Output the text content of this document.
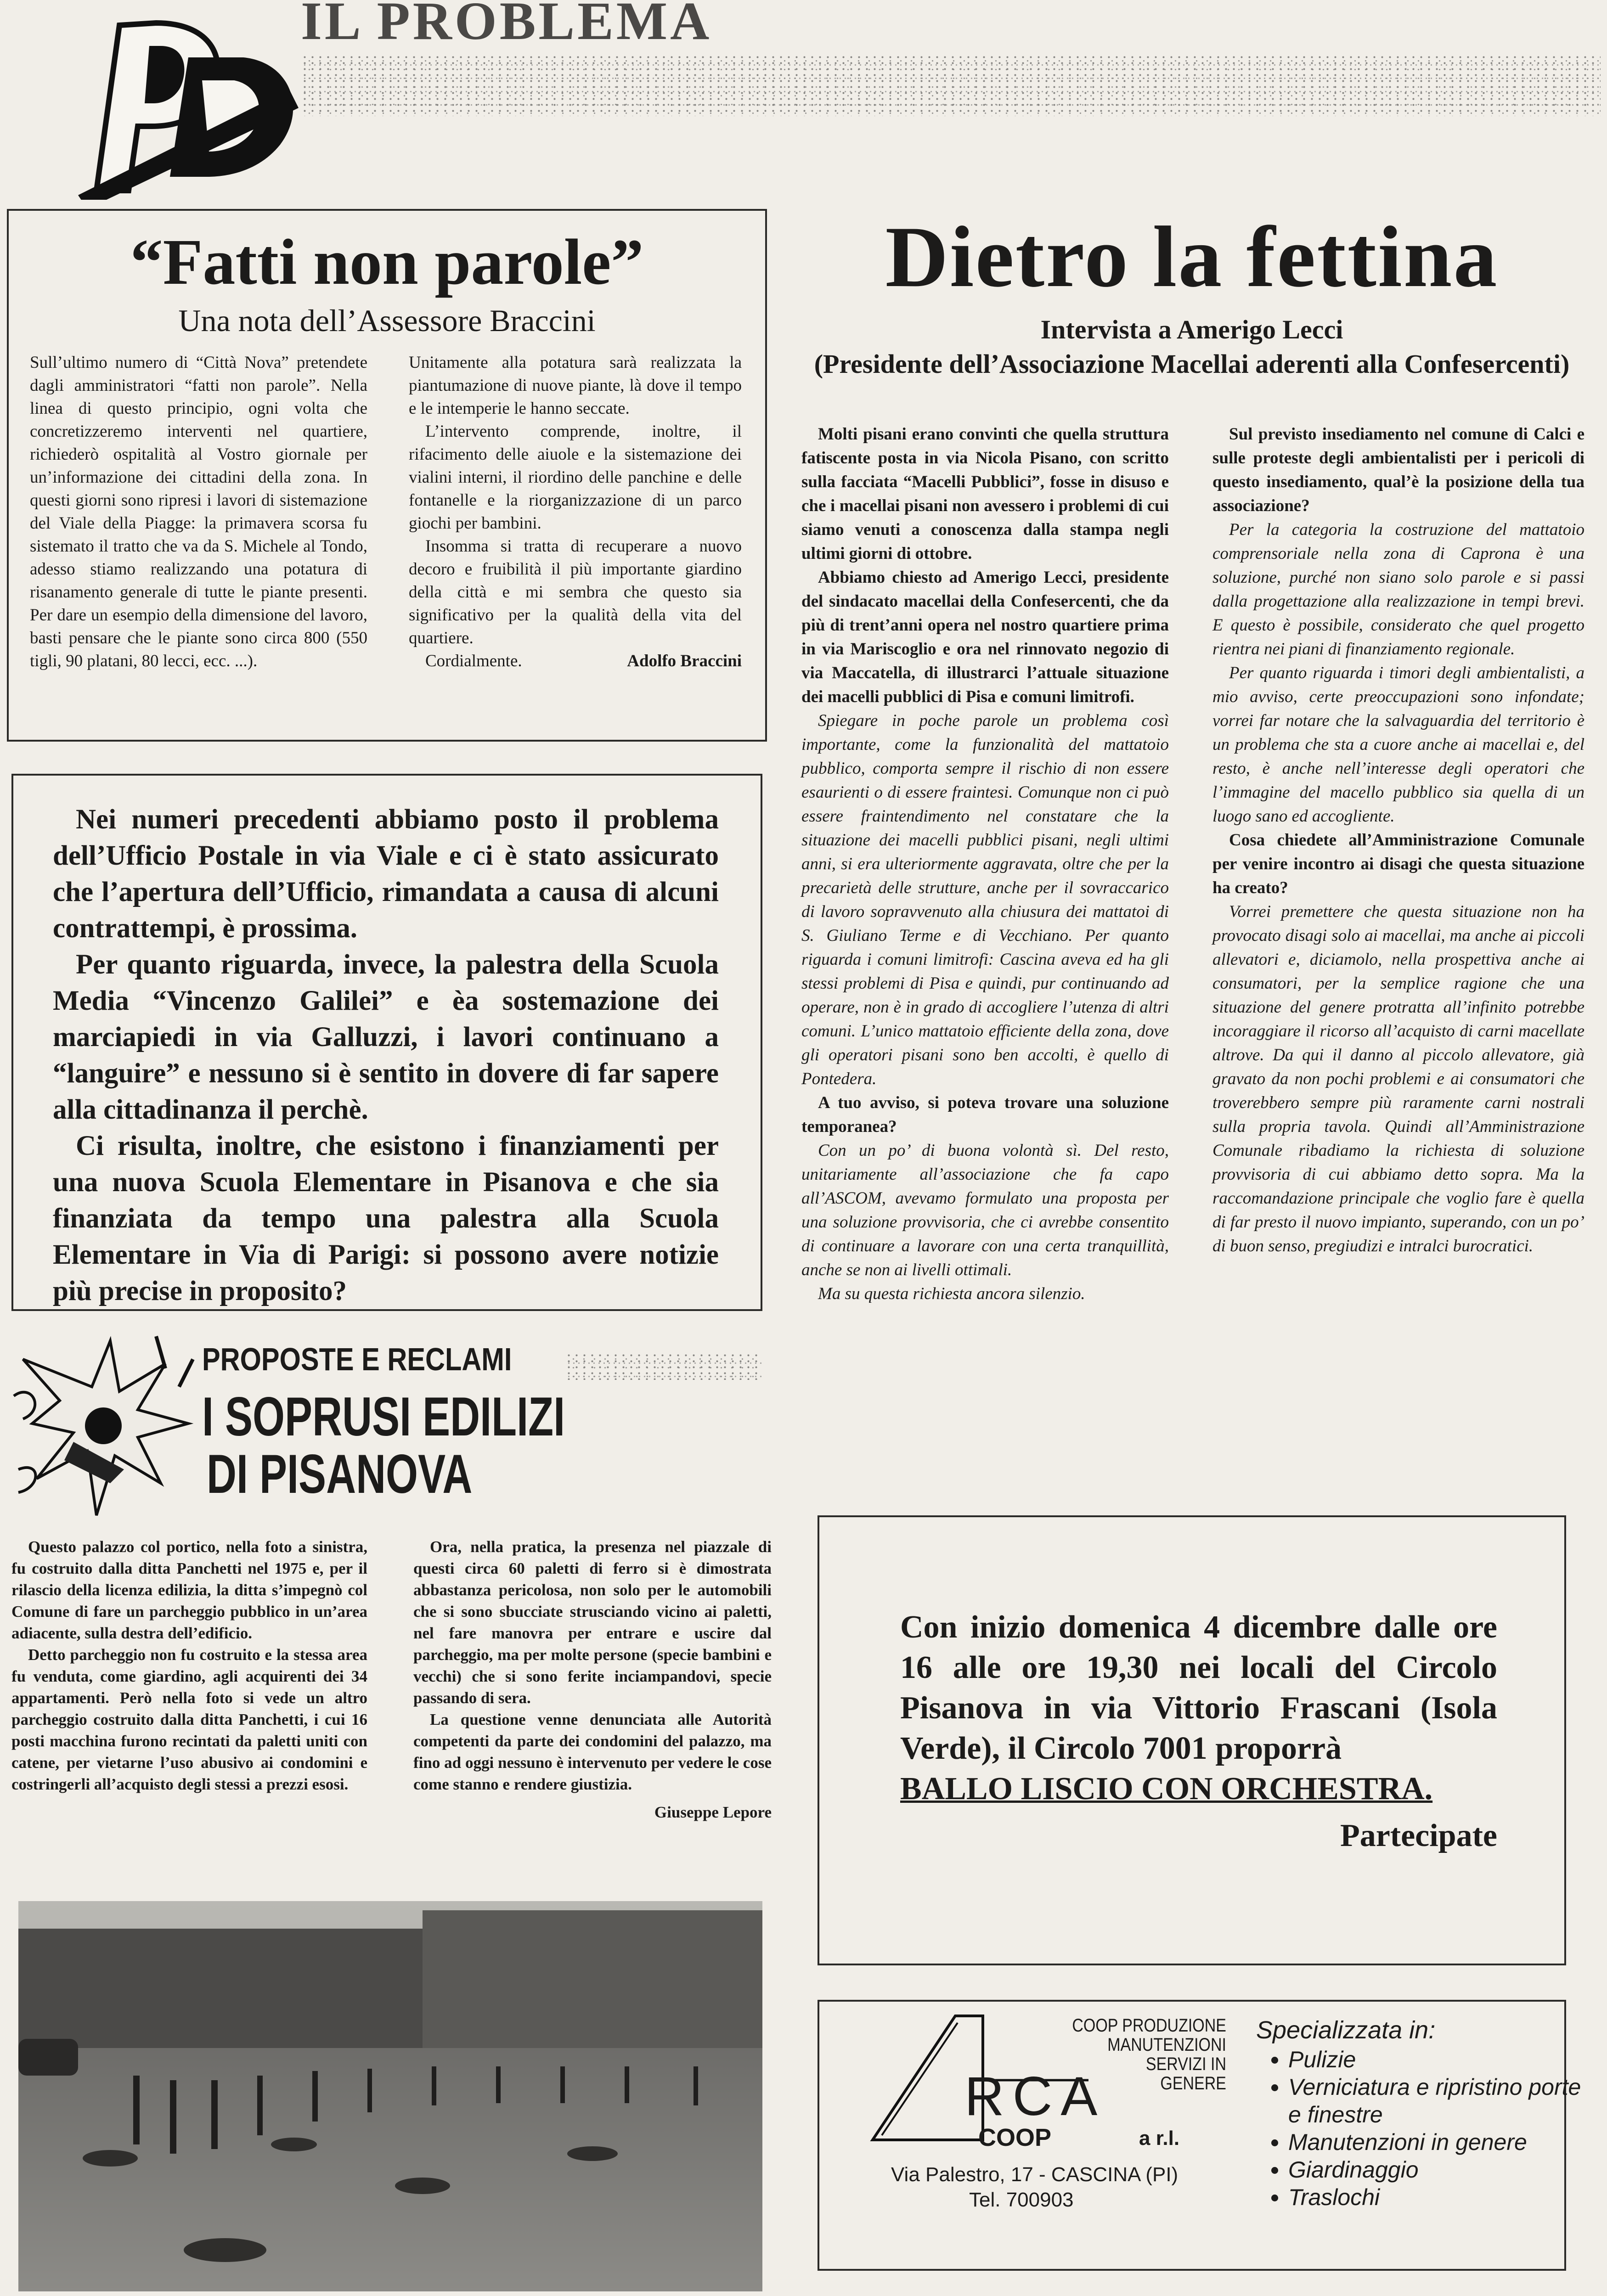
IL PROBLEMA
“Fatti non parole”
Una nota dell’Assessore Braccini

Sull’ultimo numero di “Città Nova” pretendete dagli amministratori “fatti non parole”. Nella linea di questo principio, ogni volta che concretizzeremo interventi nel quartiere, richiederò ospitalità al Vostro giornale per un’informazione dei cittadini della zona. In questi giorni sono ripresi i lavori di sistemazione del Viale della Piagge: la primavera scorsa fu sistemato il tratto che va da S. Michele al Tondo, adesso stiamo realizzando una potatura di risanamento generale di tutte le piante presenti. Per dare un esempio della dimensione del lavoro, basti pensare che le piante sono circa 800 (550 tigli, 90 platani, 80 lecci, ecc. ...).

Unitamente alla potatura sarà realizzata la piantumazione di nuove piante, là dove il tempo e le intemperie le hanno seccate.

L’intervento comprende, inoltre, il rifacimento delle aiuole e la sistemazione dei vialini interni, il riordino delle panchine e delle fontanelle e la riorganizzazione di un parco giochi per bambini.

Insomma si tratta di recuperare a nuovo decoro e fruibilità il più importante giardino della città e mi sembra che questo sia significativo per la qualità della vita del quartiere.

Cordialmente.	Adolfo Braccini

Nei numeri precedenti abbiamo posto il problema dell’Ufficio Postale in via Viale e ci è stato assicurato che l’apertura dell’Ufficio, rimandata a causa di alcuni contrattempi, è prossima.

Per quanto riguarda, invece, la palestra della Scuola Media “Vincenzo Galilei” e èa sostemazione dei marciapiedi in via Galluzzi, i lavori continuano a “languire” e nessuno si è sentito in dovere di far sapere alla cittadinanza il perchè.

Ci risulta, inoltre, che esistono i finanziamenti per una nuova Scuola Elementare in Pisanova e che sia finanziata da tempo una palestra alla Scuola Elementare in Via di Parigi: si possono avere notizie più precise in proposito?

PROPOSTE E RECLAMI
I SOPRUSI EDILIZI
DI PISANOVA

Questo palazzo col portico, nella foto a sinistra, fu costruito dalla ditta Panchetti nel 1975 e, per il rilascio della licenza edilizia, la ditta s’impegnò col Comune di fare un parcheggio pubblico in un’area adiacente, sulla destra dell’edificio.

Detto parcheggio non fu costruito e la stessa area fu venduta, come giardino, agli acquirenti dei 34 appartamenti. Però nella foto si vede un altro parcheggio costruito dalla ditta Panchetti, i cui 16 posti macchina furono recintati da paletti uniti con catene, per vietarne l’uso abusivo ai condomini e costringerli all’acquisto degli stessi a prezzi esosi.

Ora, nella pratica, la presenza nel piazzale di questi circa 60 paletti di ferro si è dimostrata abbastanza pericolosa, non solo per le automobili che si sono sbucciate strusciando vicino ai paletti, nel fare manovra per entrare e uscire dal parcheggio, ma per molte persone (specie bambini e vecchi) che si sono ferite inciampandovi, specie passando di sera.

La questione venne denunciata alle Autorità competenti da parte dei condomini del palazzo, ma fino ad oggi nessuno è intervenuto per vedere le cose come stanno e rendere giustizia.

Giuseppe Lepore

Dietro la fettina
Intervista a Amerigo Lecci
(Presidente dell’Associazione Macellai aderenti alla Confesercenti)

Molti pisani erano convinti che quella struttura fatiscente posta in via Nicola Pisano, con scritto sulla facciata “Macelli Pubblici”, fosse in disuso e che i macellai pisani non avessero i problemi di cui siamo venuti a conoscenza dalla stampa negli ultimi giorni di ottobre.

Abbiamo chiesto ad Amerigo Lecci, presidente del sindacato macellai della Confesercenti, che da più di trent’anni opera nel nostro quartiere prima in via Mariscoglio e ora nel rinnovato negozio di via Maccatella, di illustrarci l’attuale situazione dei macelli pubblici di Pisa e comuni limitrofi.

Spiegare in poche parole un problema così importante, come la funzionalità del mattatoio pubblico, comporta sempre il rischio di non essere esaurienti o di essere fraintesi. Comunque non ci può essere fraintendimento nel constatare che la situazione dei macelli pubblici pisani, negli ultimi anni, si era ulteriormente aggravata, oltre che per la precarietà delle strutture, anche per il sovraccarico di lavoro sopravvenuto alla chiusura dei mattatoi di S. Giuliano Terme e di Vecchiano. Per quanto riguarda i comuni limitrofi: Cascina aveva ed ha gli stessi problemi di Pisa e quindi, pur continuando ad operare, non è in grado di accogliere l’utenza di altri comuni. L’unico mattatoio efficiente della zona, dove gli operatori pisani sono ben accolti, è quello di Pontedera.

A tuo avviso, si poteva trovare una soluzione temporanea?

Con un po’ di buona volontà sì. Del resto, unitariamente all’associazione che fa capo all’ASCOM, avevamo formulato una proposta per una soluzione provvisoria, che ci avrebbe consentito di continuare a lavorare con una certa tranquillità, anche se non ai livelli ottimali.

Ma su questa richiesta ancora silenzio.

Sul previsto insediamento nel comune di Calci e sulle proteste degli ambientalisti per i pericoli di questo insediamento, qual’è la posizione della tua associazione?

Per la categoria la costruzione del mattatoio comprensoriale nella zona di Caprona è una soluzione, purché non siano solo parole e si passi dalla progettazione alla realizzazione in tempi brevi. E questo è possibile, considerato che quel progetto rientra nei piani di finanziamento regionale.

Per quanto riguarda i timori degli ambientalisti, a mio avviso, certe preoccupazioni sono infondate; vorrei far notare che la salvaguardia del territorio è un problema che sta a cuore anche ai macellai e, del resto, è anche nell’interesse degli operatori che l’immagine del macello pubblico sia quella di un luogo sano ed accogliente.

Cosa chiedete all’Amministrazione Comunale per venire incontro ai disagi che questa situazione ha creato?

Vorrei premettere che questa situazione non ha provocato disagi solo ai macellai, ma anche ai piccoli allevatori e, diciamolo, nella prospettiva anche ai consumatori, per la semplice ragione che una situazione del genere protratta all’infinito potrebbe incoraggiare il ricorso all’acquisto di carni macellate altrove. Da qui il danno al piccolo allevatore, già gravato da non pochi problemi e ai consumatori che troverebbero sempre più raramente carni nostrali sulla propria tavola. Quindi all’Amministrazione Comunale ribadiamo la richiesta di soluzione provvisoria di cui abbiamo detto sopra. Ma la raccomandazione principale che voglio fare è quella di far presto il nuovo impianto, superando, con un po’ di buon senso, pregiudizi e intralci burocratici.

Con inizio domenica 4 dicembre dalle ore 16 alle ore 19,30 nei locali del Circolo Pisanova in via Vittorio Frascani (Isola Verde), il Circolo 7001 proporrà

BALLO LISCIO CON ORCHESTRA.

Partecipate

RCA
COOP	a r.l.
COOP PRODUZIONE
MANUTENZIONI
SERVIZI IN
GENERE
Via Palestro, 17 - CASCINA (PI)
Tel. 700903
Specializzata in:
• Pulizie
• Verniciatura e ripristino porte e finestre
• Manutenzioni in genere
• Giardinaggio
• Traslochi
